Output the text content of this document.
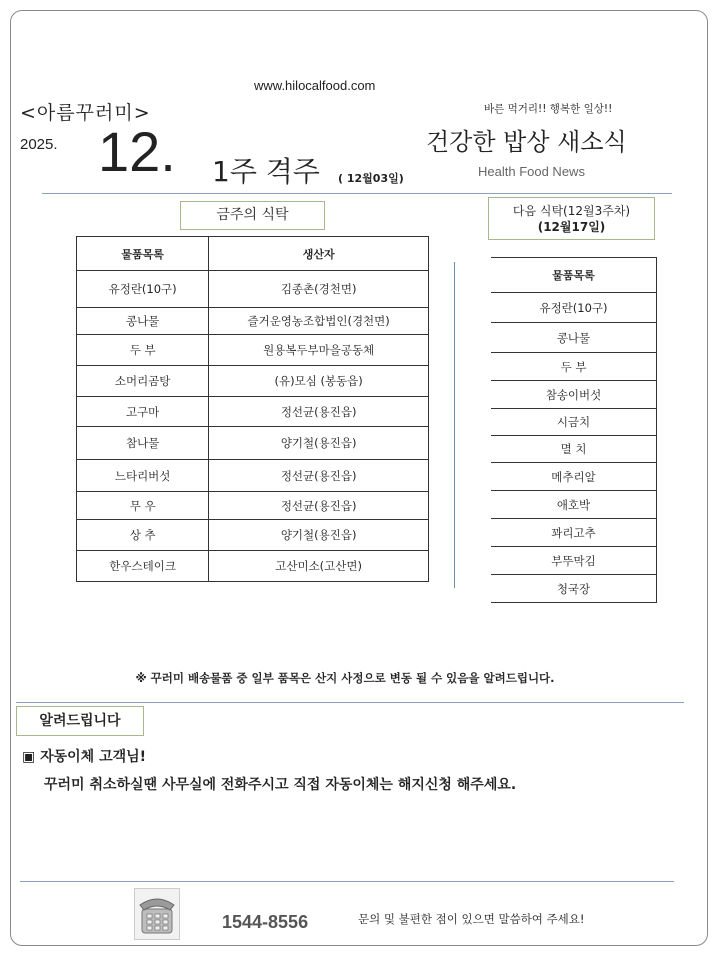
www.hilocalfood.com
<아름꾸러미>
2025. 12. 1주 격주 ( 12월03일)
바른 먹거리!! 행복한 일상!!
건강한 밥상 새소식
Health Food News
금주의 식탁	다음 식탁(12월3주차)
(12월17일)
물품목록	생산자
유정란(10구)	김종촌(경천면)
콩나물	즐거운영농조합법인(경천면)
두 부	원용복두부마을공동체
소머리곰탕	(유)모심 (봉동읍)
고구마	정선균(용진읍)
참나물	양기철(용진읍)
느타리버섯	정선균(용진읍)
무 우	정선균(용진읍)
상 추	양기철(용진읍)
한우스테이크	고산미소(고산면)
물품목록
유정란(10구)
콩나물
두 부
참송이버섯
시금치
멸 치
메추리알
애호박
꽈리고추
부뚜막김
청국장
※ 꾸러미 배송물품 중 일부 품목은 산지 사정으로 변동 될 수 있음을 알려드립니다.
알려드립니다
▣ 자동이체 고객님!
꾸러미 취소하실땐 사무실에 전화주시고 직접 자동이체는 해지신청 해주세요.
1544-8556	문의 및 불편한 점이 있으면 말씀하여 주세요!
